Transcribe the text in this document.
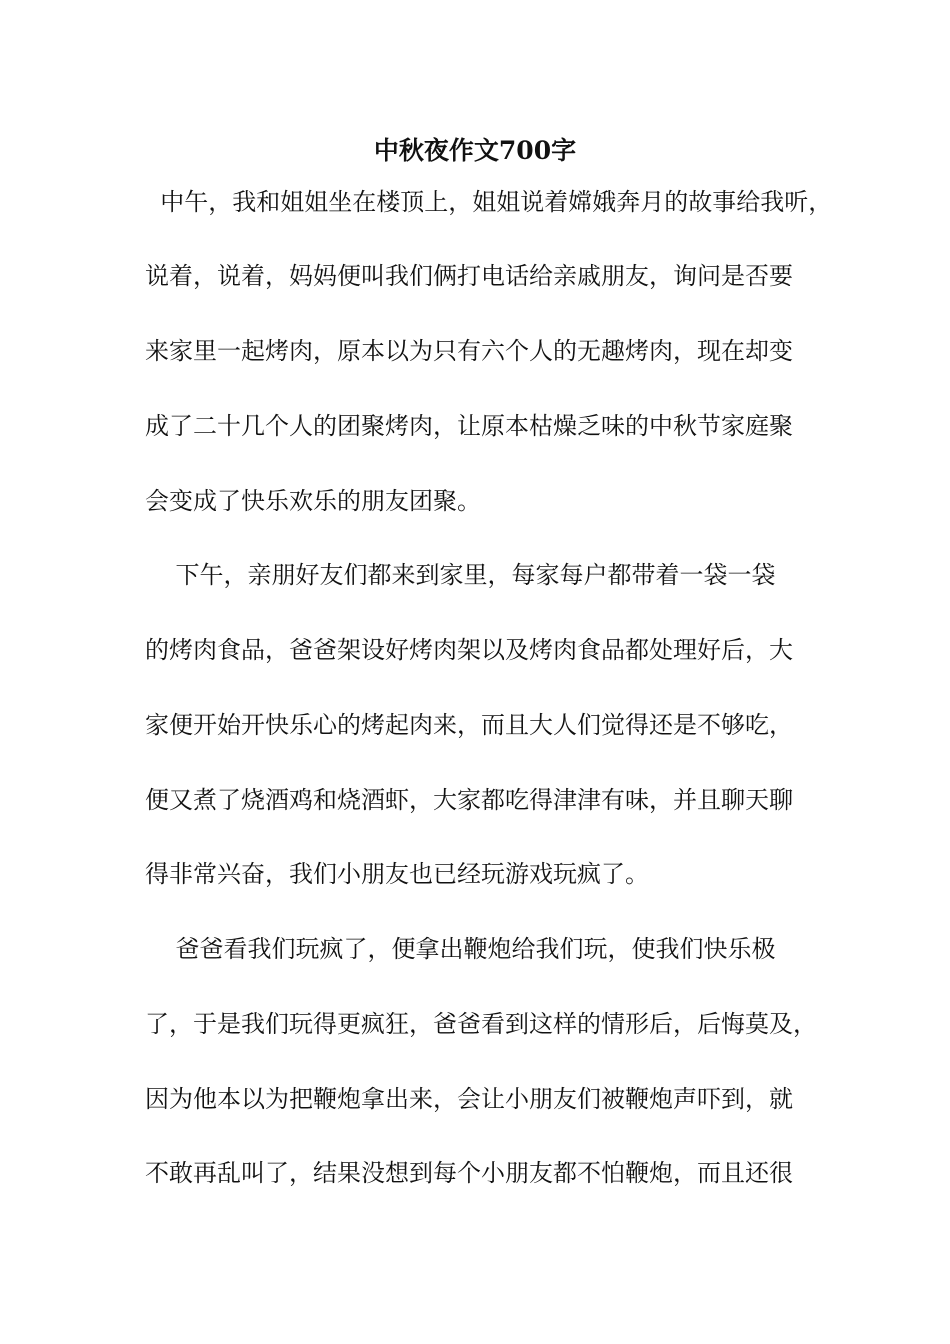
中秋夜作文700字
中午，我和姐姐坐在楼顶上，姐姐说着嫦娥奔月的故事给我听，
说着，说着，妈妈便叫我们俩打电话给亲戚朋友，询问是否要
来家里一起烤肉，原本以为只有六个人的无趣烤肉，现在却变
成了二十几个人的团聚烤肉，让原本枯燥乏味的中秋节家庭聚
会变成了快乐欢乐的朋友团聚。
下午，亲朋好友们都来到家里，每家每户都带着一袋一袋
的烤肉食品，爸爸架设好烤肉架以及烤肉食品都处理好后，大
家便开始开快乐心的烤起肉来，而且大人们觉得还是不够吃，
便又煮了烧酒鸡和烧酒虾，大家都吃得津津有味，并且聊天聊
得非常兴奋，我们小朋友也已经玩游戏玩疯了。
爸爸看我们玩疯了，便拿出鞭炮给我们玩，使我们快乐极
了，于是我们玩得更疯狂，爸爸看到这样的情形后，后悔莫及，
因为他本以为把鞭炮拿出来，会让小朋友们被鞭炮声吓到，就
不敢再乱叫了，结果没想到每个小朋友都不怕鞭炮，而且还很
